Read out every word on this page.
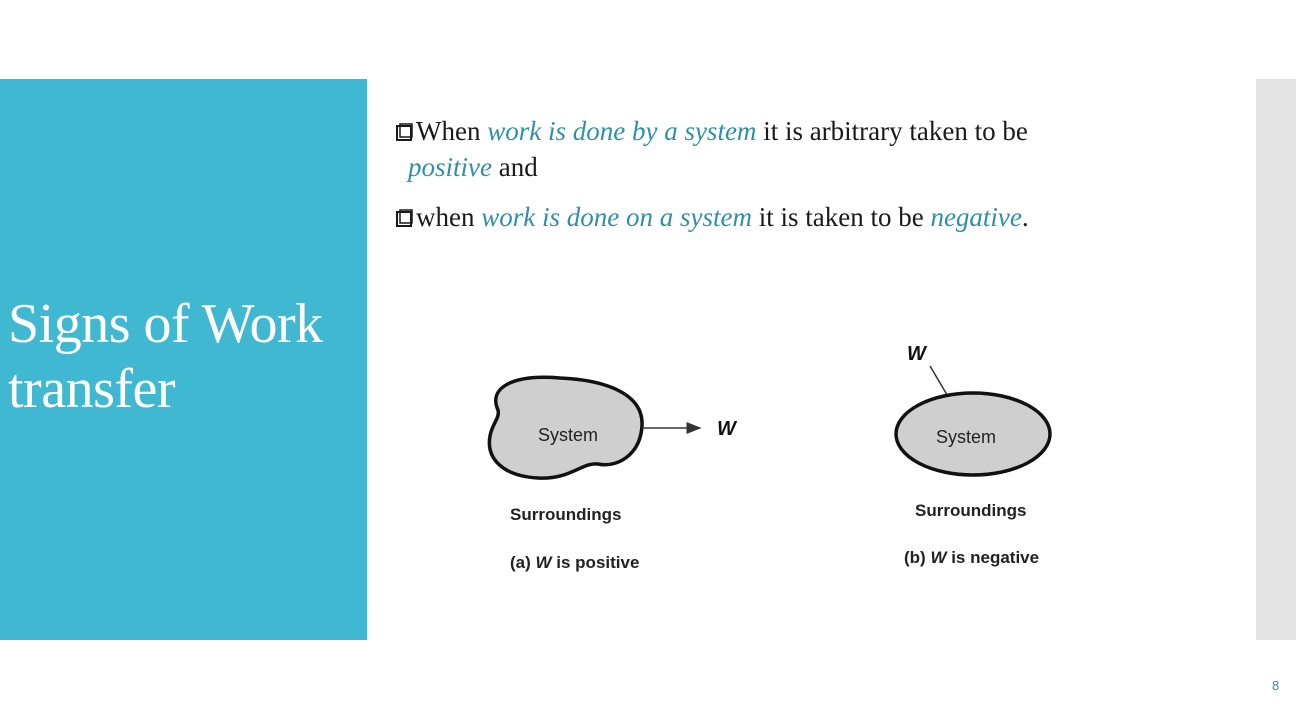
Signs of Work
transfer
When work is done by a system it is arbitrary taken to be
positive and
when work is done on a system it is taken to be negative.
System	W
Surroundings
(a) W is positive
W
System
Surroundings
(b) W is negative
8
